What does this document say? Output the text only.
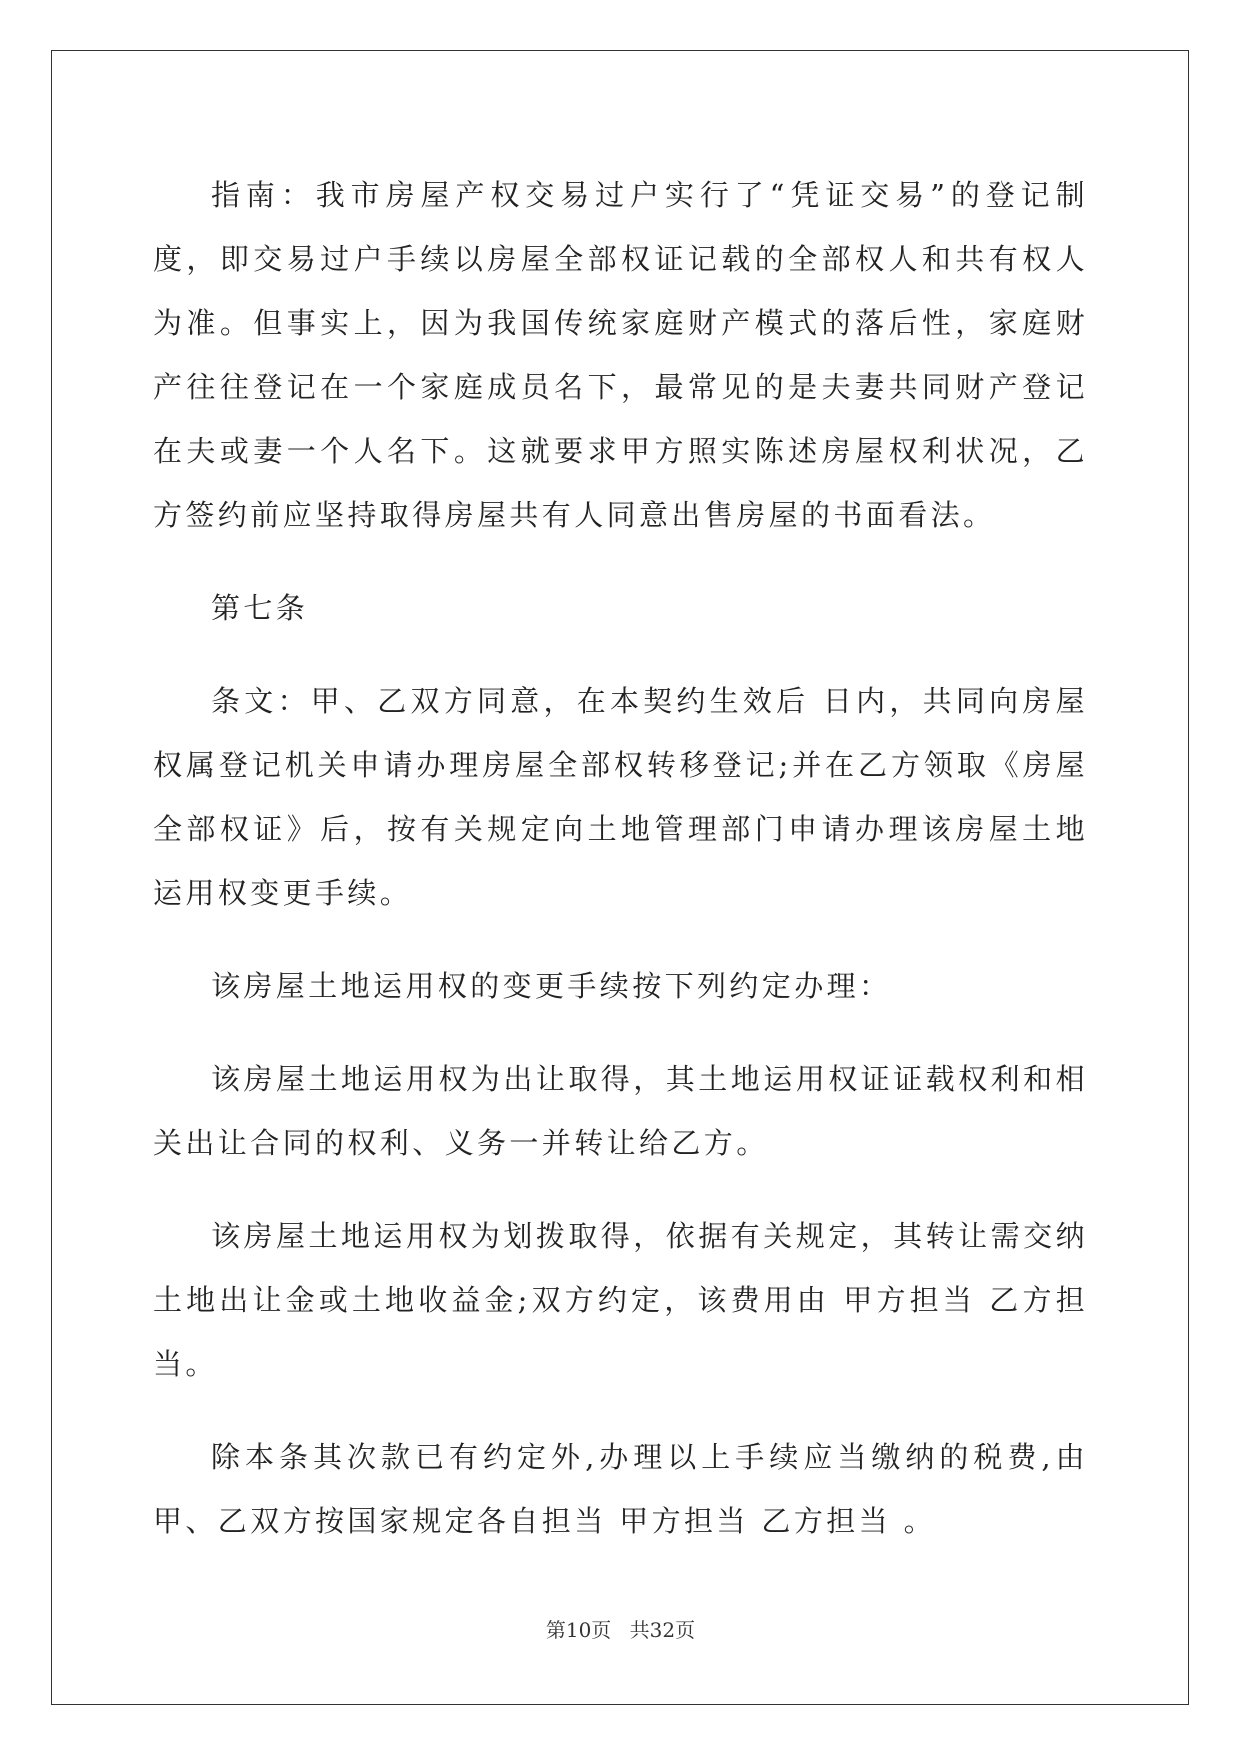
指南：我市房屋产权交易过户实行了“凭证交易”的登记制度，即交易过户手续以房屋全部权证记载的全部权人和共有权人为准。但事实上，因为我国传统家庭财产模式的落后性，家庭财产往往登记在一个家庭成员名下，最常见的是夫妻共同财产登记在夫或妻一个人名下。这就要求甲方照实陈述房屋权利状况，乙方签约前应坚持取得房屋共有人同意出售房屋的书面看法。

第七条

条文：甲、乙双方同意，在本契约生效后 日内，共同向房屋权属登记机关申请办理房屋全部权转移登记;并在乙方领取《房屋全部权证》后，按有关规定向土地管理部门申请办理该房屋土地运用权变更手续。

该房屋土地运用权的变更手续按下列约定办理：

该房屋土地运用权为出让取得，其土地运用权证证载权利和相关出让合同的权利、义务一并转让给乙方。

该房屋土地运用权为划拨取得，依据有关规定，其转让需交纳土地出让金或土地收益金;双方约定，该费用由 甲方担当 乙方担当。

除本条其次款已有约定外,办理以上手续应当缴纳的税费,由 甲、乙双方按国家规定各自担当 甲方担当 乙方担当 。

第10页 共32页
